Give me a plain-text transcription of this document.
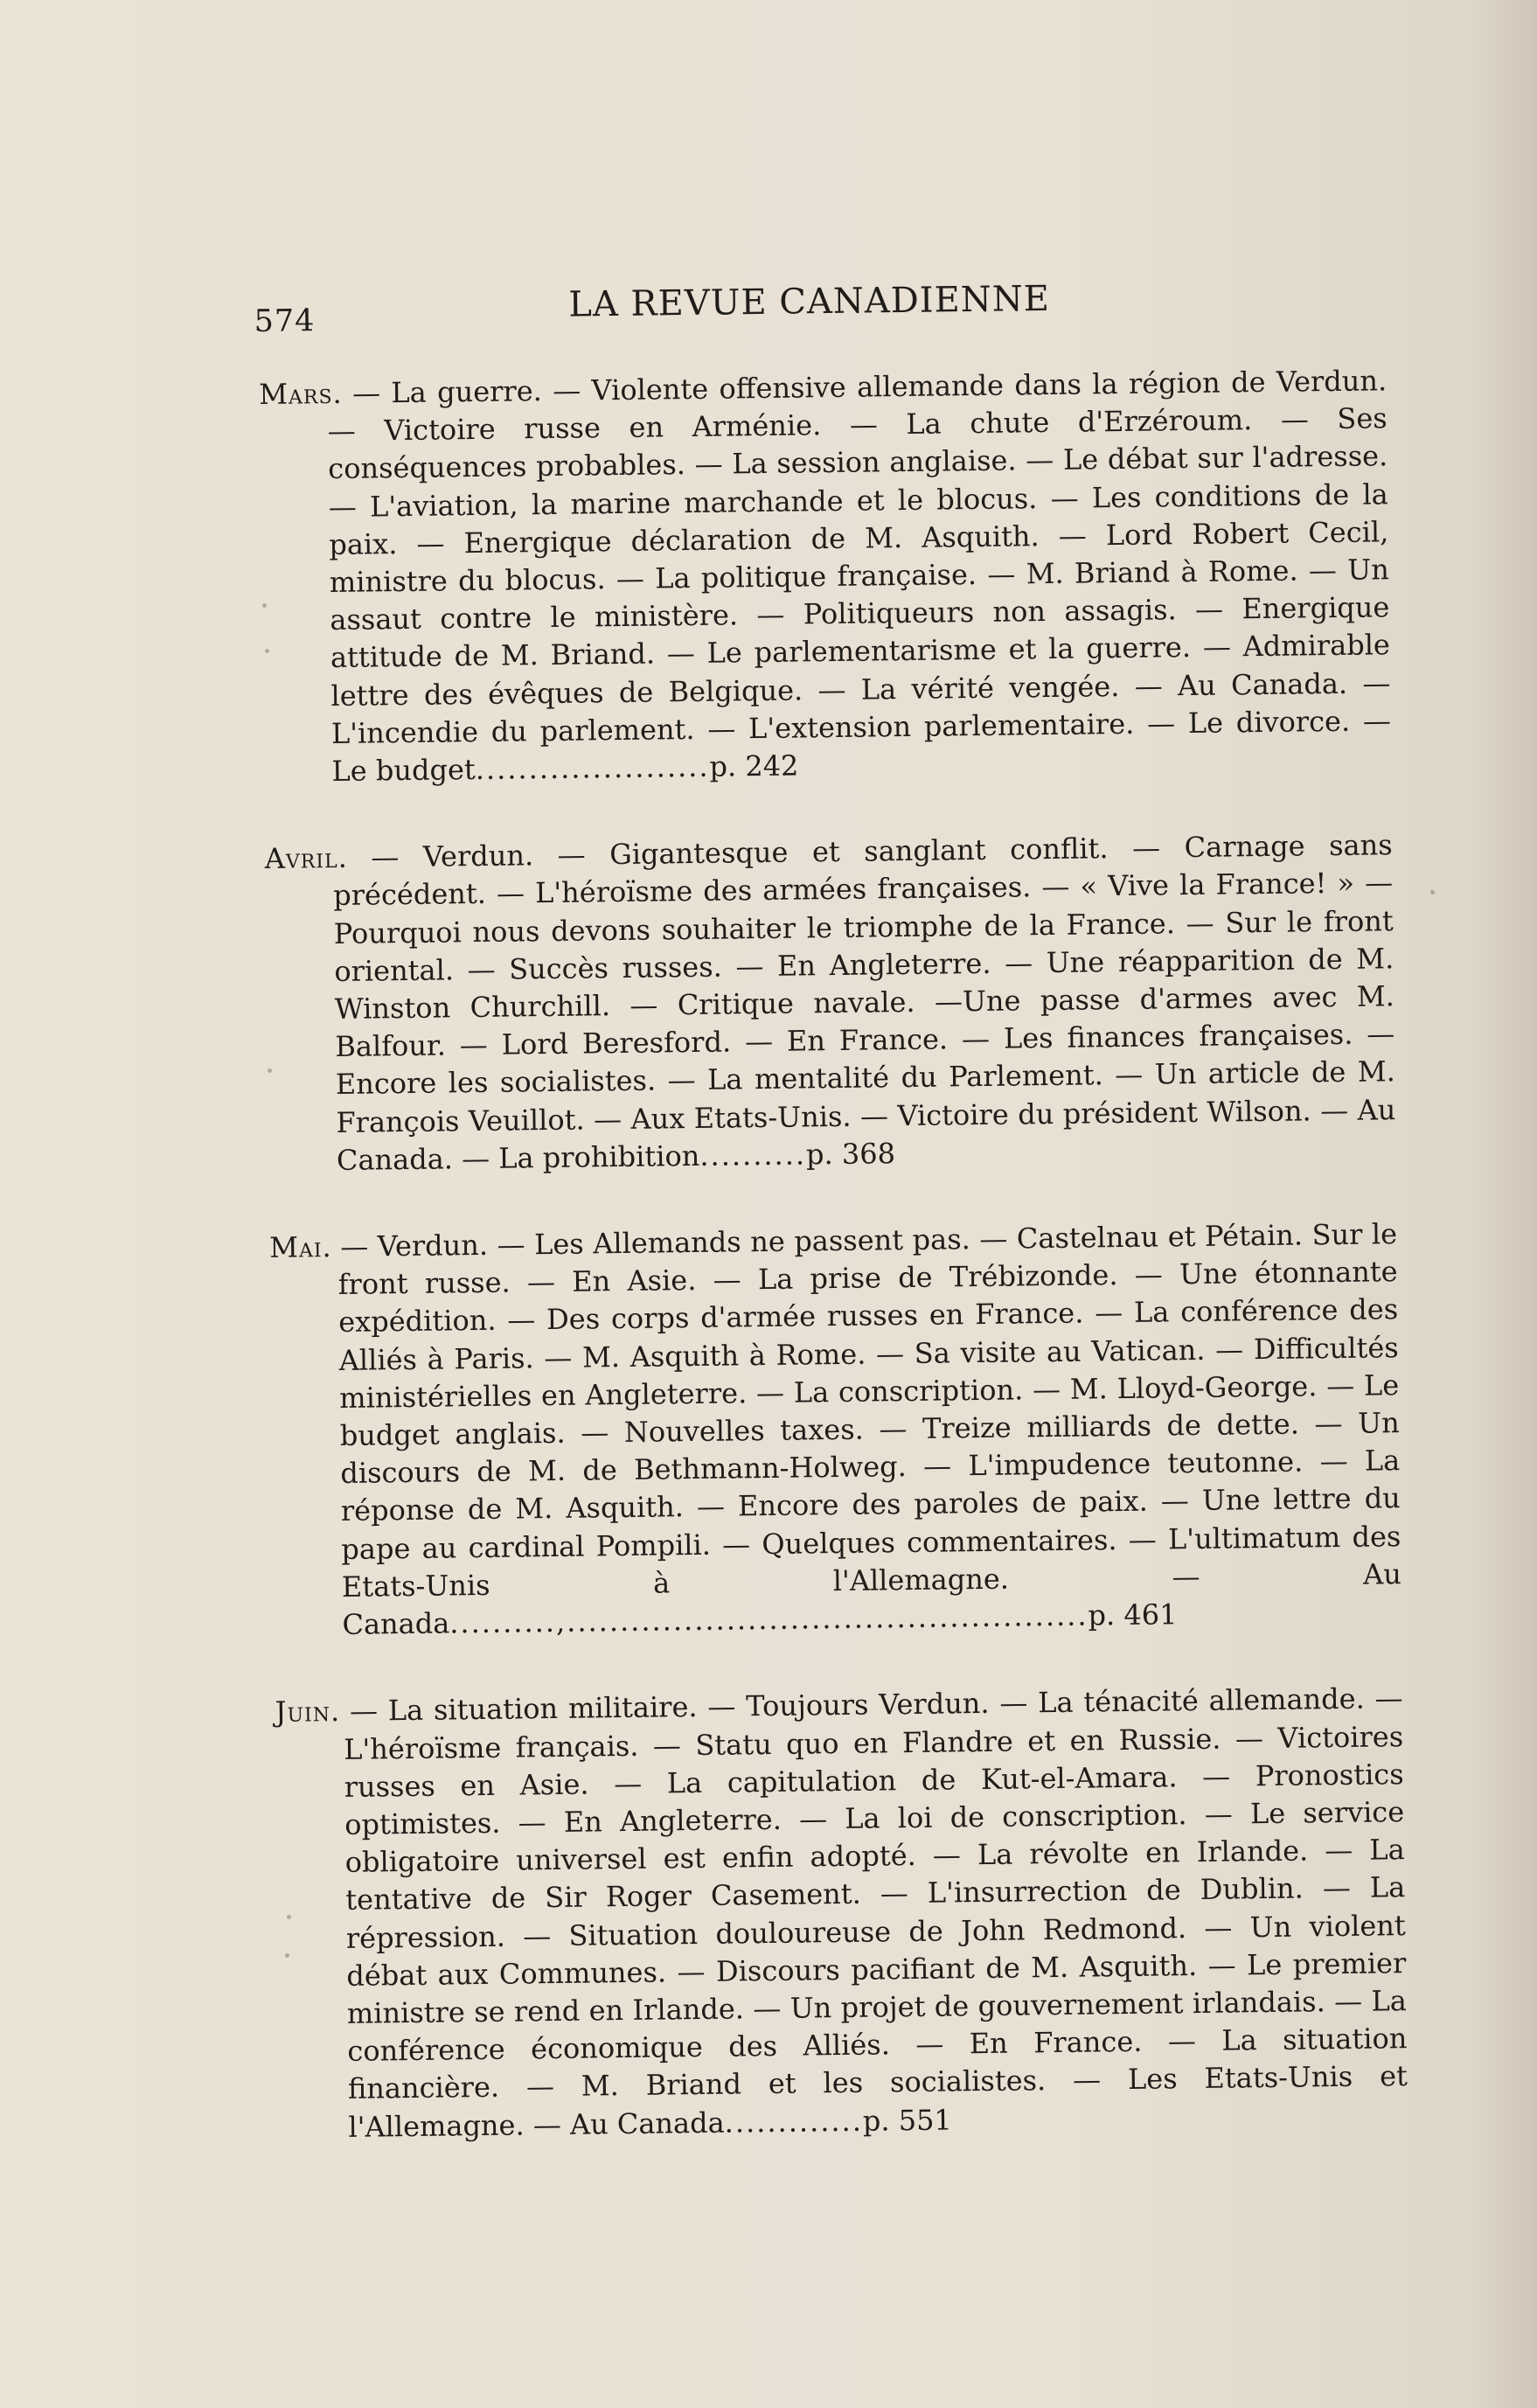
574	LA REVUE CANADIENNE

Mars. — La guerre. — Violente offensive allemande dans la région de Verdun. — Victoire russe en Arménie. — La chute d'Erzéroum. — Ses conséquences probables. — La session anglaise. — Le débat sur l'adresse. — L'aviation, la marine marchande et le blocus. — Les conditions de la paix. — Energique déclaration de M. Asquith. — Lord Robert Cecil, ministre du blocus. — La politique française. — M. Briand à Rome. — Un assaut contre le ministère. — Politiqueurs non assagis. — Energique attitude de M. Briand. — Le parlementarisme et la guerre. — Admirable lettre des évêques de Belgique. — La vérité vengée. — Au Canada. — L'incendie du parlement. — L'extension parlementaire. — Le divorce. — Le budget......................p. 242

Avril. — Verdun. — Gigantesque et sanglant conflit. — Carnage sans précédent. — L'héroïsme des armées françaises. — « Vive la France! » — Pourquoi nous devons souhaiter le triomphe de la France. — Sur le front oriental. — Succès russes. — En Angleterre. — Une réapparition de M. Winston Churchill. — Critique navale. —Une passe d'armes avec M. Balfour. — Lord Beresford. — En France. — Les finances françaises. — Encore les socialistes. — La mentalité du Parlement. — Un article de M. François Veuillot. — Aux Etats-Unis. — Victoire du président Wilson. — Au Canada. — La prohibition..........p. 368

Mai. — Verdun. — Les Allemands ne passent pas. — Castelnau et Pétain. Sur le front russe. — En Asie. — La prise de Trébizonde. — Une étonnante expédition. — Des corps d'armée russes en France. — La conférence des Alliés à Paris. — M. Asquith à Rome. — Sa visite au Vatican. — Difficultés ministérielles en Angleterre. — La conscription. — M. Lloyd-George. — Le budget anglais. — Nouvelles taxes. — Treize milliards de dette. — Un discours de M. de Bethmann-Holweg. — L'impudence teutonne. — La réponse de M. Asquith. — Encore des paroles de paix. — Une lettre du pape au cardinal Pompili. — Quelques commentaires. — L'ultimatum des Etats-Unis à l'Allemagne. — Au Canada..........,.................................................p. 461

Juin. — La situation militaire. — Toujours Verdun. — La ténacité allemande. — L'héroïsme français. — Statu quo en Flandre et en Russie. — Victoires russes en Asie. — La capitulation de Kut-el-Amara. — Pronostics optimistes. — En Angleterre. — La loi de conscription. — Le service obligatoire universel est enfin adopté. — La révolte en Irlande. — La tentative de Sir Roger Casement. — L'insurrection de Dublin. — La répression. — Situation douloureuse de John Redmond. — Un violent débat aux Communes. — Discours pacifiant de M. Asquith. — Le premier ministre se rend en Irlande. — Un projet de gouvernement irlandais. — La conférence économique des Alliés. — En France. — La situation financière. — M. Briand et les socialistes. — Les Etats-Unis et l'Allemagne. — Au Canada.............p. 551
